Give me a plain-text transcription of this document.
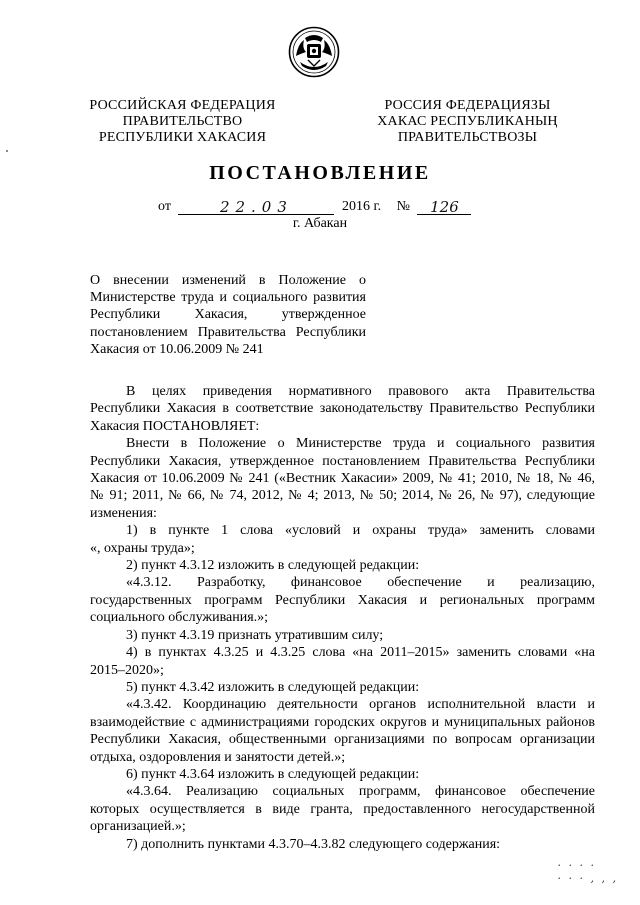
РОССИЙСКАЯ ФЕДЕРАЦИЯ
ПРАВИТЕЛЬСТВО
РЕСПУБЛИКИ ХАКАСИЯ
РОССИЯ ФЕДЕРАЦИЯЗЫ
ХАКАС РЕСПУБЛИКАНЫҢ
ПРАВИТЕЛЬСТВОЗЫ
ПОСТАНОВЛЕНИЕ
от	22.03	2016 г. № 126
г. Абакан
О внесении изменений в Положение о
Министерстве труда и социального развития
Республики Хакасия, утвержденное
постановлением Правительства Республики
Хакасия от 10.06.2009 № 241
В целях приведения нормативного правового акта Правительства
Республики Хакасия в соответствие законодательству Правительство Республики
Хакасия ПОСТАНОВЛЯЕТ:
Внести в Положение о Министерстве труда и социального развития
Республики Хакасия, утвержденное постановлением Правительства Республики
Хакасия от 10.06.2009 № 241 («Вестник Хакасии» 2009, № 41; 2010, № 18, № 46,
№ 91; 2011, № 66, № 74, 2012, № 4; 2013, № 50; 2014, № 26, № 97), следующие
изменения:
1) в пункте 1 слова «условий и охраны труда» заменить словами
«, охраны труда»;
2) пункт 4.3.12 изложить в следующей редакции:
«4.3.12. Разработку, финансовое обеспечение и реализацию,
государственных программ Республики Хакасия и региональных программ
социального обслуживания.»;
3) пункт 4.3.19 признать утратившим силу;
4) в пунктах 4.3.25 и 4.3.25 слова «на 2011–2015» заменить словами «на
2015–2020»;
5) пункт 4.3.42 изложить в следующей редакции:
«4.3.42. Координацию деятельности органов исполнительной власти и
взаимодействие с администрациями городских округов и муниципальных районов
Республики Хакасия, общественными организациями по вопросам организации
отдыха, оздоровления и занятости детей.»;
6) пункт 4.3.64 изложить в следующей редакции:
«4.3.64. Реализацию социальных программ, финансовое обеспечение
которых осуществляется в виде гранта, предоставленного негосударственной
организацией.»;
7) дополнить пунктами 4.3.70–4.3.82 следующего содержания:
· · · ·
· · · , , ,
